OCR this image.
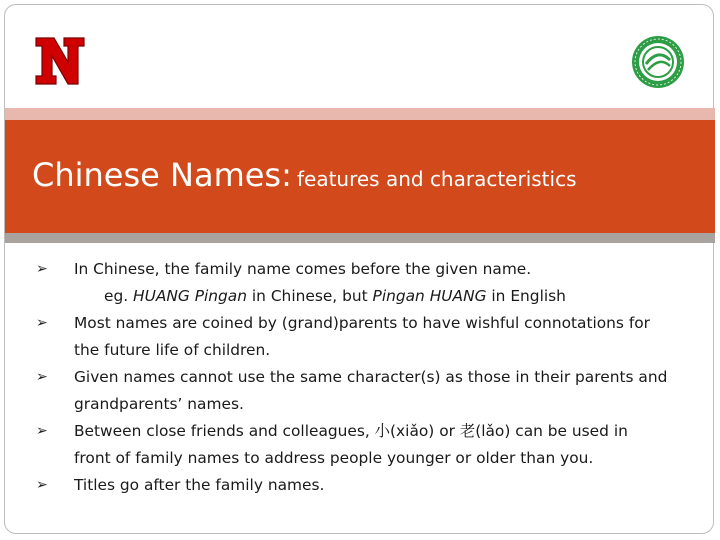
Chinese Names: features and characteristics
➢ In Chinese, the family name comes before the given name.
eg. HUANG Pingan in Chinese, but Pingan HUANG in English
➢ Most names are coined by (grand)parents to have wishful connotations for
the future life of children.
➢ Given names cannot use the same character(s) as those in their parents and
grandparents’ names.
➢ Between close friends and colleagues, 小(xiǎo) or 老(lǎo) can be used in
front of family names to address people younger or older than you.
➢ Titles go after the family names.
